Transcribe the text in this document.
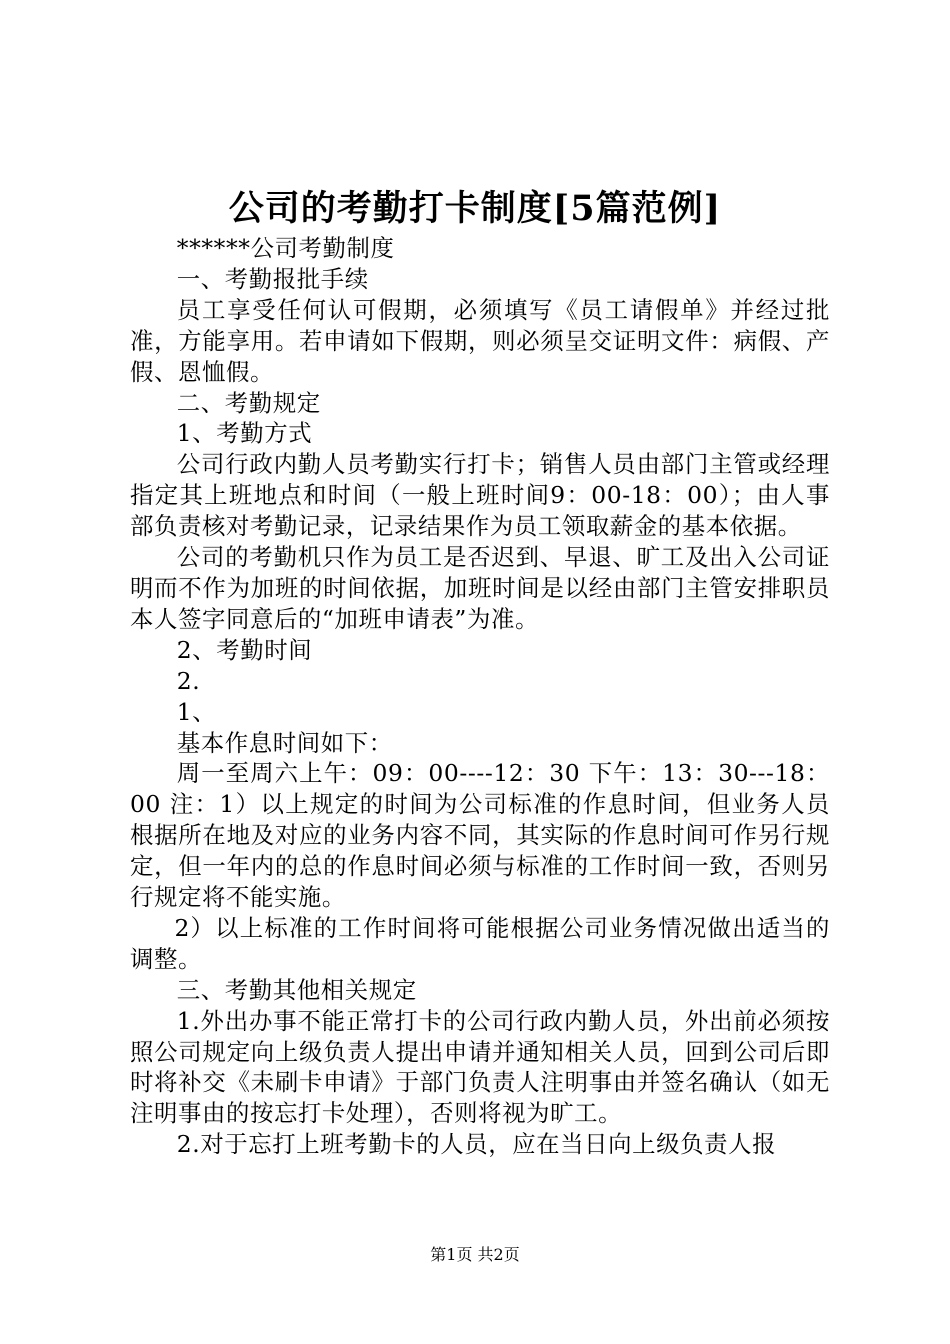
公司的考勤打卡制度[5篇范例]

******公司考勤制度

一、考勤报批手续

员工享受任何认可假期，必须填写《员工请假单》并经过批准，方能享用。若申请如下假期，则必须呈交证明文件：病假、产假、恩恤假。

二、考勤规定

1、考勤方式

公司行政内勤人员考勤实行打卡；销售人员由部门主管或经理指定其上班地点和时间（一般上班时间9：00-18：00）；由人事部负责核对考勤记录，记录结果作为员工领取薪金的基本依据。

公司的考勤机只作为员工是否迟到、早退、旷工及出入公司证明而不作为加班的时间依据，加班时间是以经由部门主管安排职员本人签字同意后的“加班申请表”为准。

2、考勤时间

2.

1、

基本作息时间如下：

周一至周六上午：09：00----12：30 下午：13：30---18：00 注：1）以上规定的时间为公司标准的作息时间，但业务人员根据所在地及对应的业务内容不同，其实际的作息时间可作另行规定，但一年内的总的作息时间必须与标准的工作时间一致，否则另行规定将不能实施。

2）以上标准的工作时间将可能根据公司业务情况做出适当的调整。

三、考勤其他相关规定

1.外出办事不能正常打卡的公司行政内勤人员，外出前必须按照公司规定向上级负责人提出申请并通知相关人员，回到公司后即时将补交《未刷卡申请》于部门负责人注明事由并签名确认（如无注明事由的按忘打卡处理），否则将视为旷工。

2.对于忘打上班考勤卡的人员，应在当日向上级负责人报

第1页 共2页
